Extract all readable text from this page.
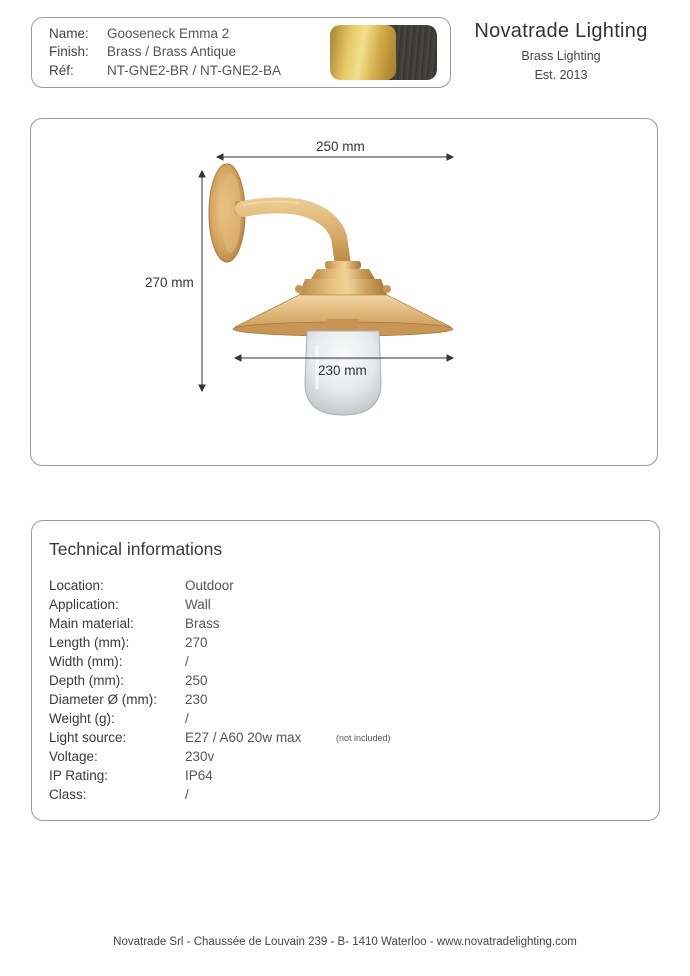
Name: Gooseneck Emma 2
Finish: Brass / Brass Antique
Réf: NT-GNE2-BR / NT-GNE2-BA
Novatrade Lighting
Brass Lighting
Est. 2013
250 mm
270 mm
230 mm
Technical informations
Location:	Outdoor
Application:	Wall
Main material:	Brass
Length (mm):	270
Width (mm):	/
Depth (mm):	250
Diameter Ø (mm): 230
Weight (g):	/
Light source:	E27 / A60 20w max	(not included)
Voltage:	230v
IP Rating:	IP64
Class:	/
Novatrade Srl - Chaussée de Louvain 239 - B- 1410 Waterloo - www.novatradelighting.com
